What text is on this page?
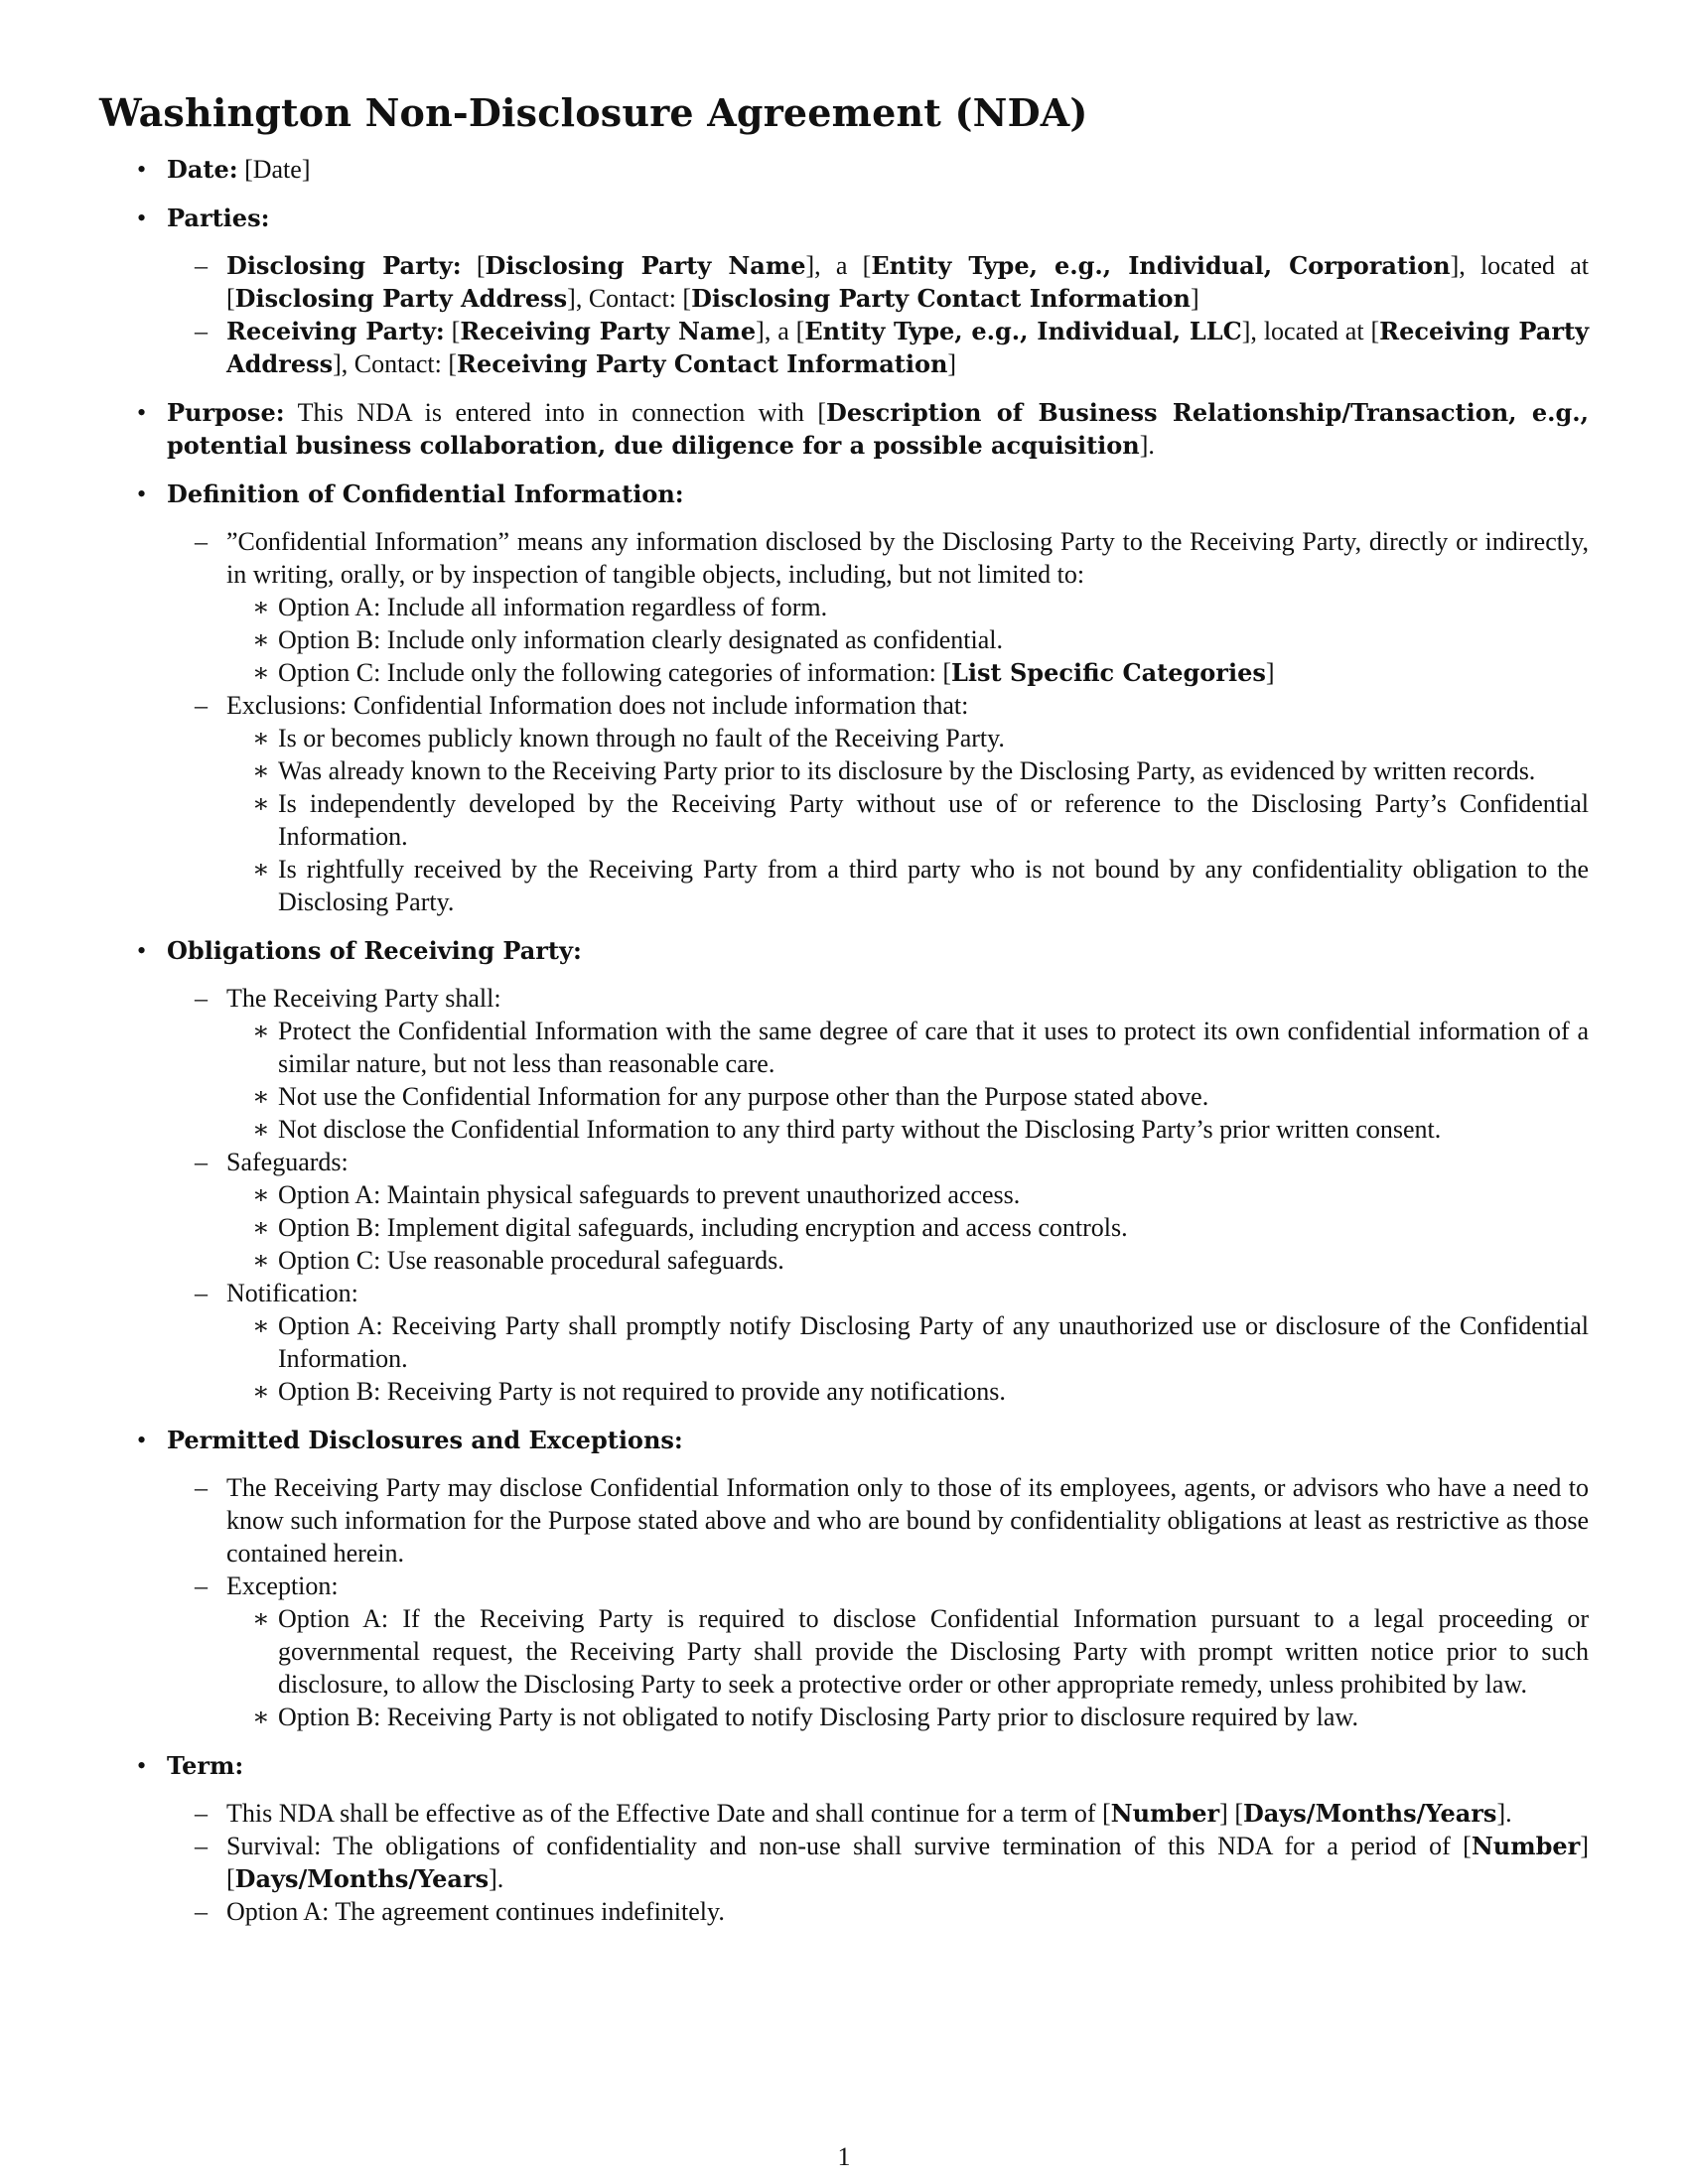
Washington Non-Disclosure Agreement (NDA)
• Date: [Date]
• Parties:
– Disclosing Party: [Disclosing Party Name], a [Entity Type, e.g., Individual, Corporation], located at [Disclosing Party Address], Contact: [Disclosing Party Contact Information]
– Receiving Party: [Receiving Party Name], a [Entity Type, e.g., Individual, LLC], located at [Receiving Party Address], Contact: [Receiving Party Contact Information]
• Purpose: This NDA is entered into in connection with [Description of Business Relationship/Transaction, e.g., potential business collaboration, due diligence for a possible acquisition].
• Definition of Confidential Information:
– ”Confidential Information” means any information disclosed by the Disclosing Party to the Receiving Party, directly or indirectly, in writing, orally, or by inspection of tangible objects, including, but not limited to:
∗ Option A: Include all information regardless of form.
∗ Option B: Include only information clearly designated as confidential.
∗ Option C: Include only the following categories of information: [List Specific Categories]
– Exclusions: Confidential Information does not include information that:
∗ Is or becomes publicly known through no fault of the Receiving Party.
∗ Was already known to the Receiving Party prior to its disclosure by the Disclosing Party, as evidenced by written records.
∗ Is independently developed by the Receiving Party without use of or reference to the Disclosing Party’s Confidential Information.
∗ Is rightfully received by the Receiving Party from a third party who is not bound by any confidentiality obligation to the Disclosing Party.
• Obligations of Receiving Party:
– The Receiving Party shall:
∗ Protect the Confidential Information with the same degree of care that it uses to protect its own confidential information of a similar nature, but not less than reasonable care.
∗ Not use the Confidential Information for any purpose other than the Purpose stated above.
∗ Not disclose the Confidential Information to any third party without the Disclosing Party’s prior written consent.
– Safeguards:
∗ Option A: Maintain physical safeguards to prevent unauthorized access.
∗ Option B: Implement digital safeguards, including encryption and access controls.
∗ Option C: Use reasonable procedural safeguards.
– Notification:
∗ Option A: Receiving Party shall promptly notify Disclosing Party of any unauthorized use or disclosure of the Confidential Information.
∗ Option B: Receiving Party is not required to provide any notifications.
• Permitted Disclosures and Exceptions:
– The Receiving Party may disclose Confidential Information only to those of its employees, agents, or advisors who have a need to know such information for the Purpose stated above and who are bound by confidentiality obligations at least as restrictive as those contained herein.
– Exception:
∗ Option A: If the Receiving Party is required to disclose Confidential Information pursuant to a legal proceeding or governmental request, the Receiving Party shall provide the Disclosing Party with prompt written notice prior to such disclosure, to allow the Disclosing Party to seek a protective order or other appropriate remedy, unless prohibited by law.
∗ Option B: Receiving Party is not obligated to notify Disclosing Party prior to disclosure required by law.
• Term:
– This NDA shall be effective as of the Effective Date and shall continue for a term of [Number] [Days/Months/Years].
– Survival: The obligations of confidentiality and non-use shall survive termination of this NDA for a period of [Number] [Days/Months/Years].
– Option A: The agreement continues indefinitely.
1
